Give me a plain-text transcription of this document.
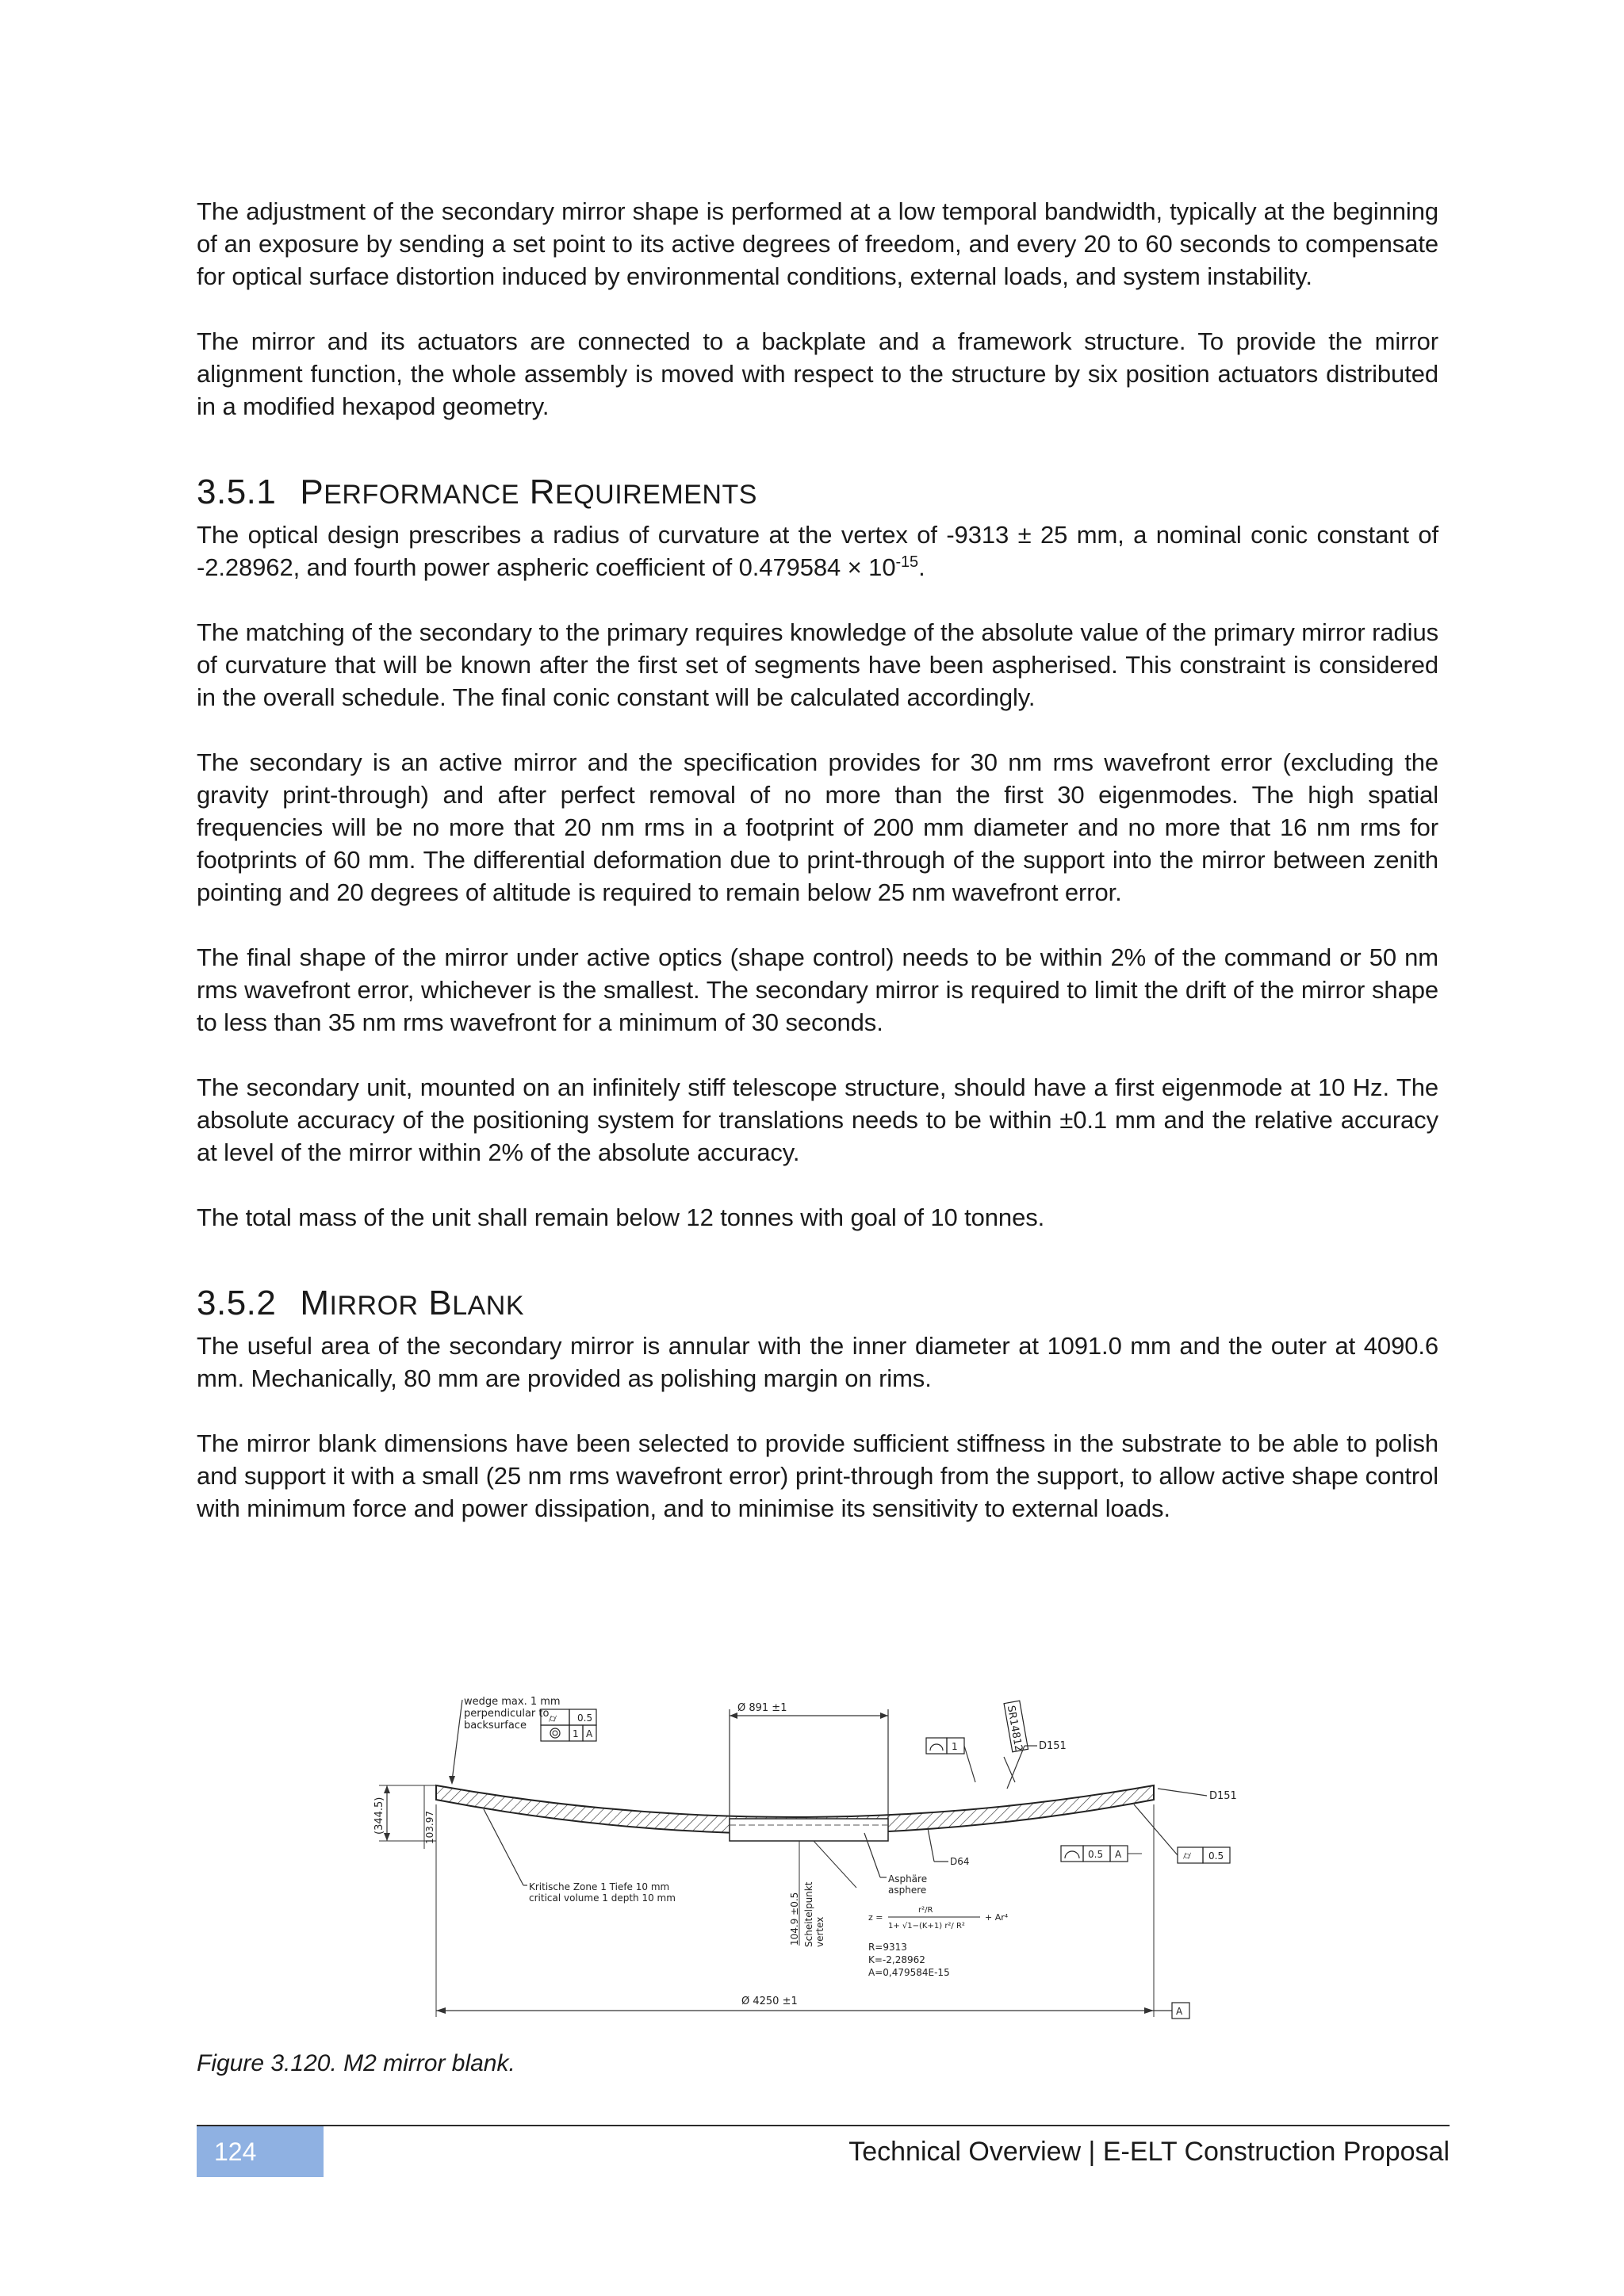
The adjustment of the secondary mirror shape is performed at a low temporal bandwidth, typically at the beginning of an exposure by sending a set point to its active degrees of freedom, and every 20 to 60 seconds to compensate for optical surface distortion induced by environmental conditions, external loads, and system instability.

The mirror and its actuators are connected to a backplate and a framework structure. To provide the mirror alignment function, the whole assembly is moved with respect to the structure by six position actuators distributed in a modified hexapod geometry.

3.5.1 PERFORMANCE REQUIREMENTS

The optical design prescribes a radius of curvature at the vertex of -9313 ± 25 mm, a nominal conic constant of -2.28962, and fourth power aspheric coefficient of $0.479584 \times 10^{-15}$.

The matching of the secondary to the primary requires knowledge of the absolute value of the primary mirror radius of curvature that will be known after the first set of segments have been aspherised. This constraint is considered in the overall schedule. The final conic constant will be calculated accordingly.

The secondary is an active mirror and the specification provides for 30 nm rms wavefront error (excluding the gravity print-through) and after perfect removal of no more than the first 30 eigenmodes. The high spatial frequencies will be no more that 20 nm rms in a footprint of 200 mm diameter and no more that 16 nm rms for footprints of 60 mm. The differential deformation due to print-through of the support into the mirror between zenith pointing and 20 degrees of altitude is required to remain below 25 nm wavefront error.

The final shape of the mirror under active optics (shape control) needs to be within 2% of the command or 50 nm rms wavefront error, whichever is the smallest. The secondary mirror is required to limit the drift of the mirror shape to less than 35 nm rms wavefront for a minimum of 30 seconds.

The secondary unit, mounted on an infinitely stiff telescope structure, should have a first eigenmode at 10 Hz. The absolute accuracy of the positioning system for translations needs to be within ±0.1 mm and the relative accuracy at level of the mirror within 2% of the absolute accuracy.

The total mass of the unit shall remain below 12 tonnes with goal of 10 tonnes.

3.5.2 MIRROR BLANK

The useful area of the secondary mirror is annular with the inner diameter at 1091.0 mm and the outer at 4090.6 mm. Mechanically, 80 mm are provided as polishing margin on rims.

The mirror blank dimensions have been selected to provide sufficient stiffness in the substrate to be able to polish and support it with a small (25 nm rms wavefront error) print-through from the support, to allow active shape control with minimum force and power dissipation, and to minimise its sensitivity to external loads.

Ø 891 ±1
wedge max. 1 mm
perpendicular to
backsurface
0.5
⌭
1 A	SR14812
1	D151
D151
(344.5)	103.97
Kritische Zone 1 Tiefe 10 mm
critical volume 1 depth 10 mm	104.9 ±0.5 Scheitelpunkt vertex
D64
0.5 A	⌭ 0.5
Asphäre
asphere
z =
r²/R
1+ √1−(K+1) r²/ R²
+ Ar⁴
R=9313
K=-2,28962
A=0,479584E-15
Ø 4250 ±1
A
Figure 3.120. M2 mirror blank.
124	Technical Overview | E-ELT Construction Proposal
